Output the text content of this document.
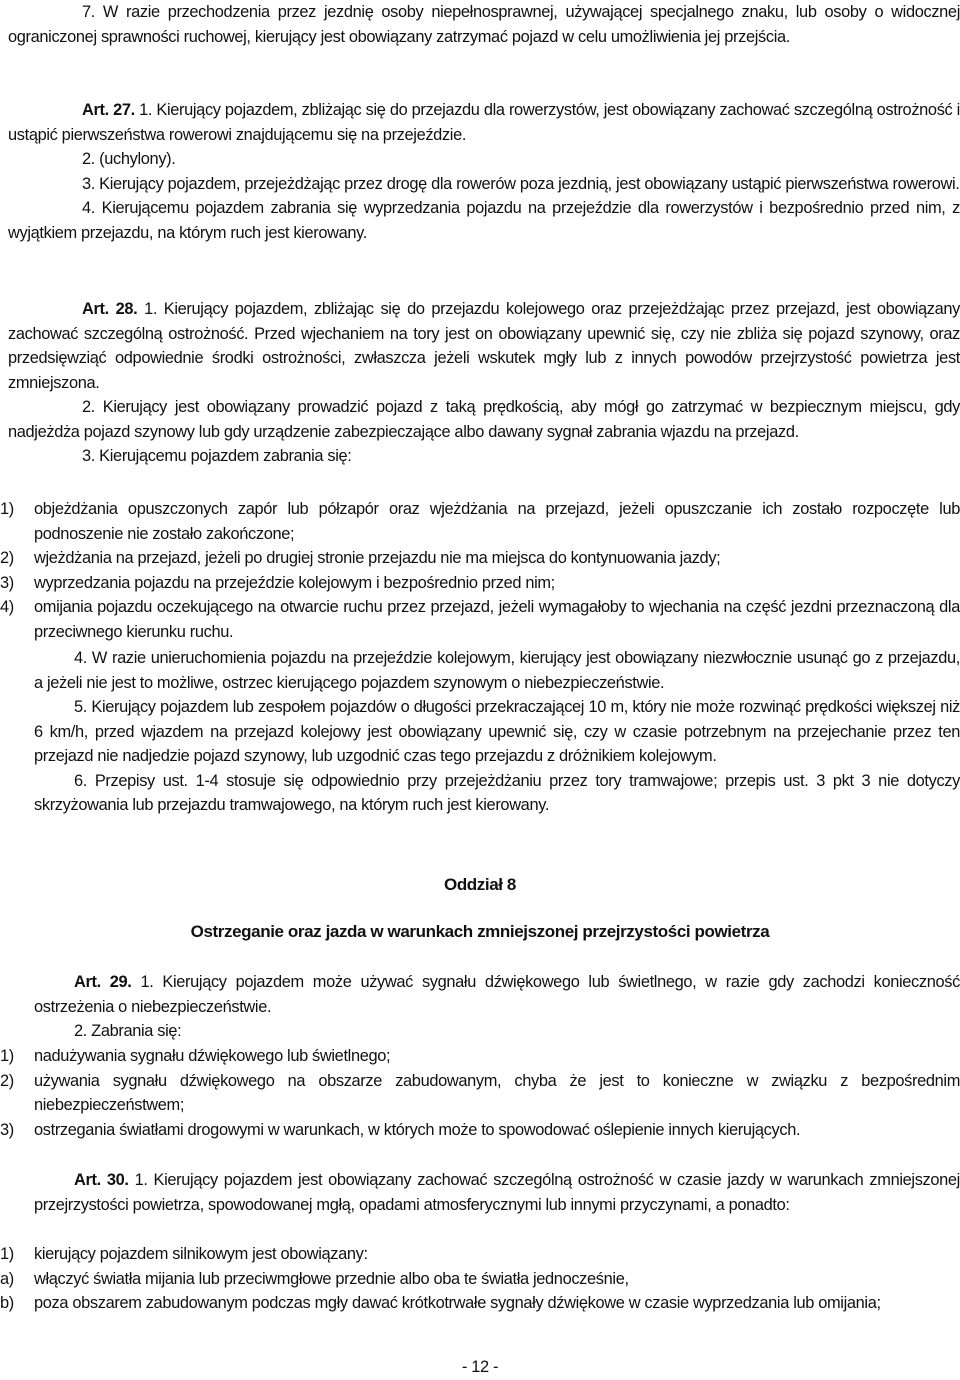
7. W razie przechodzenia przez jezdnię osoby niepełnosprawnej, używającej specjalnego znaku, lub osoby o widocznej ograniczonej sprawności ruchowej, kierujący jest obowiązany zatrzymać pojazd w celu umożliwienia jej przejścia.

Art. 27. 1. Kierujący pojazdem, zbliżając się do przejazdu dla rowerzystów, jest obowiązany zachować szczególną ostrożność i ustąpić pierwszeństwa rowerowi znajdującemu się na przejeździe.

2. (uchylony).

3. Kierujący pojazdem, przejeżdżając przez drogę dla rowerów poza jezdnią, jest obowiązany ustąpić pierwszeństwa rowerowi.

4. Kierującemu pojazdem zabrania się wyprzedzania pojazdu na przejeździe dla rowerzystów i bezpośrednio przed nim, z wyjątkiem przejazdu, na którym ruch jest kierowany.

Art. 28. 1. Kierujący pojazdem, zbliżając się do przejazdu kolejowego oraz przejeżdżając przez przejazd, jest obowiązany zachować szczególną ostrożność. Przed wjechaniem na tory jest on obowiązany upewnić się, czy nie zbliża się pojazd szynowy, oraz przedsięwziąć odpowiednie środki ostrożności, zwłaszcza jeżeli wskutek mgły lub z innych powodów przejrzystość powietrza jest zmniejszona.

2. Kierujący jest obowiązany prowadzić pojazd z taką prędkością, aby mógł go zatrzymać w bezpiecznym miejscu, gdy nadjeżdża pojazd szynowy lub gdy urządzenie zabezpieczające albo dawany sygnał zabrania wjazdu na przejazd.

3. Kierującemu pojazdem zabrania się:

1)	objeżdżania opuszczonych zapór lub półzapór oraz wjeżdżania na przejazd, jeżeli opuszczanie ich zostało rozpoczęte lub podnoszenie nie zostało zakończone;
2)	wjeżdżania na przejazd, jeżeli po drugiej stronie przejazdu nie ma miejsca do kontynuowania jazdy;
3)	wyprzedzania pojazdu na przejeździe kolejowym i bezpośrednio przed nim;
4)	omijania pojazdu oczekującego na otwarcie ruchu przez przejazd, jeżeli wymagałoby to wjechania na część jezdni przeznaczoną dla przeciwnego kierunku ruchu.

4. W razie unieruchomienia pojazdu na przejeździe kolejowym, kierujący jest obowiązany niezwłocznie usunąć go z przejazdu, a jeżeli nie jest to możliwe, ostrzec kierującego pojazdem szynowym o niebezpieczeństwie.

5. Kierujący pojazdem lub zespołem pojazdów o długości przekraczającej 10 m, który nie może rozwinąć prędkości większej niż 6 km/h, przed wjazdem na przejazd kolejowy jest obowiązany upewnić się, czy w czasie potrzebnym na przejechanie przez ten przejazd nie nadjedzie pojazd szynowy, lub uzgodnić czas tego przejazdu z dróżnikiem kolejowym.

6. Przepisy ust. 1-4 stosuje się odpowiednio przy przejeżdżaniu przez tory tramwajowe; przepis ust. 3 pkt 3 nie dotyczy skrzyżowania lub przejazdu tramwajowego, na którym ruch jest kierowany.

Oddział 8
Ostrzeganie oraz jazda w warunkach zmniejszonej przejrzystości powietrza

Art. 29. 1. Kierujący pojazdem może używać sygnału dźwiękowego lub świetlnego, w razie gdy zachodzi konieczność ostrzeżenia o niebezpieczeństwie.

2. Zabrania się:

1)	nadużywania sygnału dźwiękowego lub świetlnego;
2)	używania sygnału dźwiękowego na obszarze zabudowanym, chyba że jest to konieczne w związku z bezpośrednim niebezpieczeństwem;
3)	ostrzegania światłami drogowymi w warunkach, w których może to spowodować oślepienie innych kierujących.

Art. 30. 1. Kierujący pojazdem jest obowiązany zachować szczególną ostrożność w czasie jazdy w warunkach zmniejszonej przejrzystości powietrza, spowodowanej mgłą, opadami atmosferycznymi lub innymi przyczynami, a ponadto:

1)	kierujący pojazdem silnikowym jest obowiązany:
a)	włączyć światła mijania lub przeciwmgłowe przednie albo oba te światła jednocześnie,
b)	poza obszarem zabudowanym podczas mgły dawać krótkotrwałe sygnały dźwiękowe w czasie wyprzedzania lub omijania;
- 12 -
